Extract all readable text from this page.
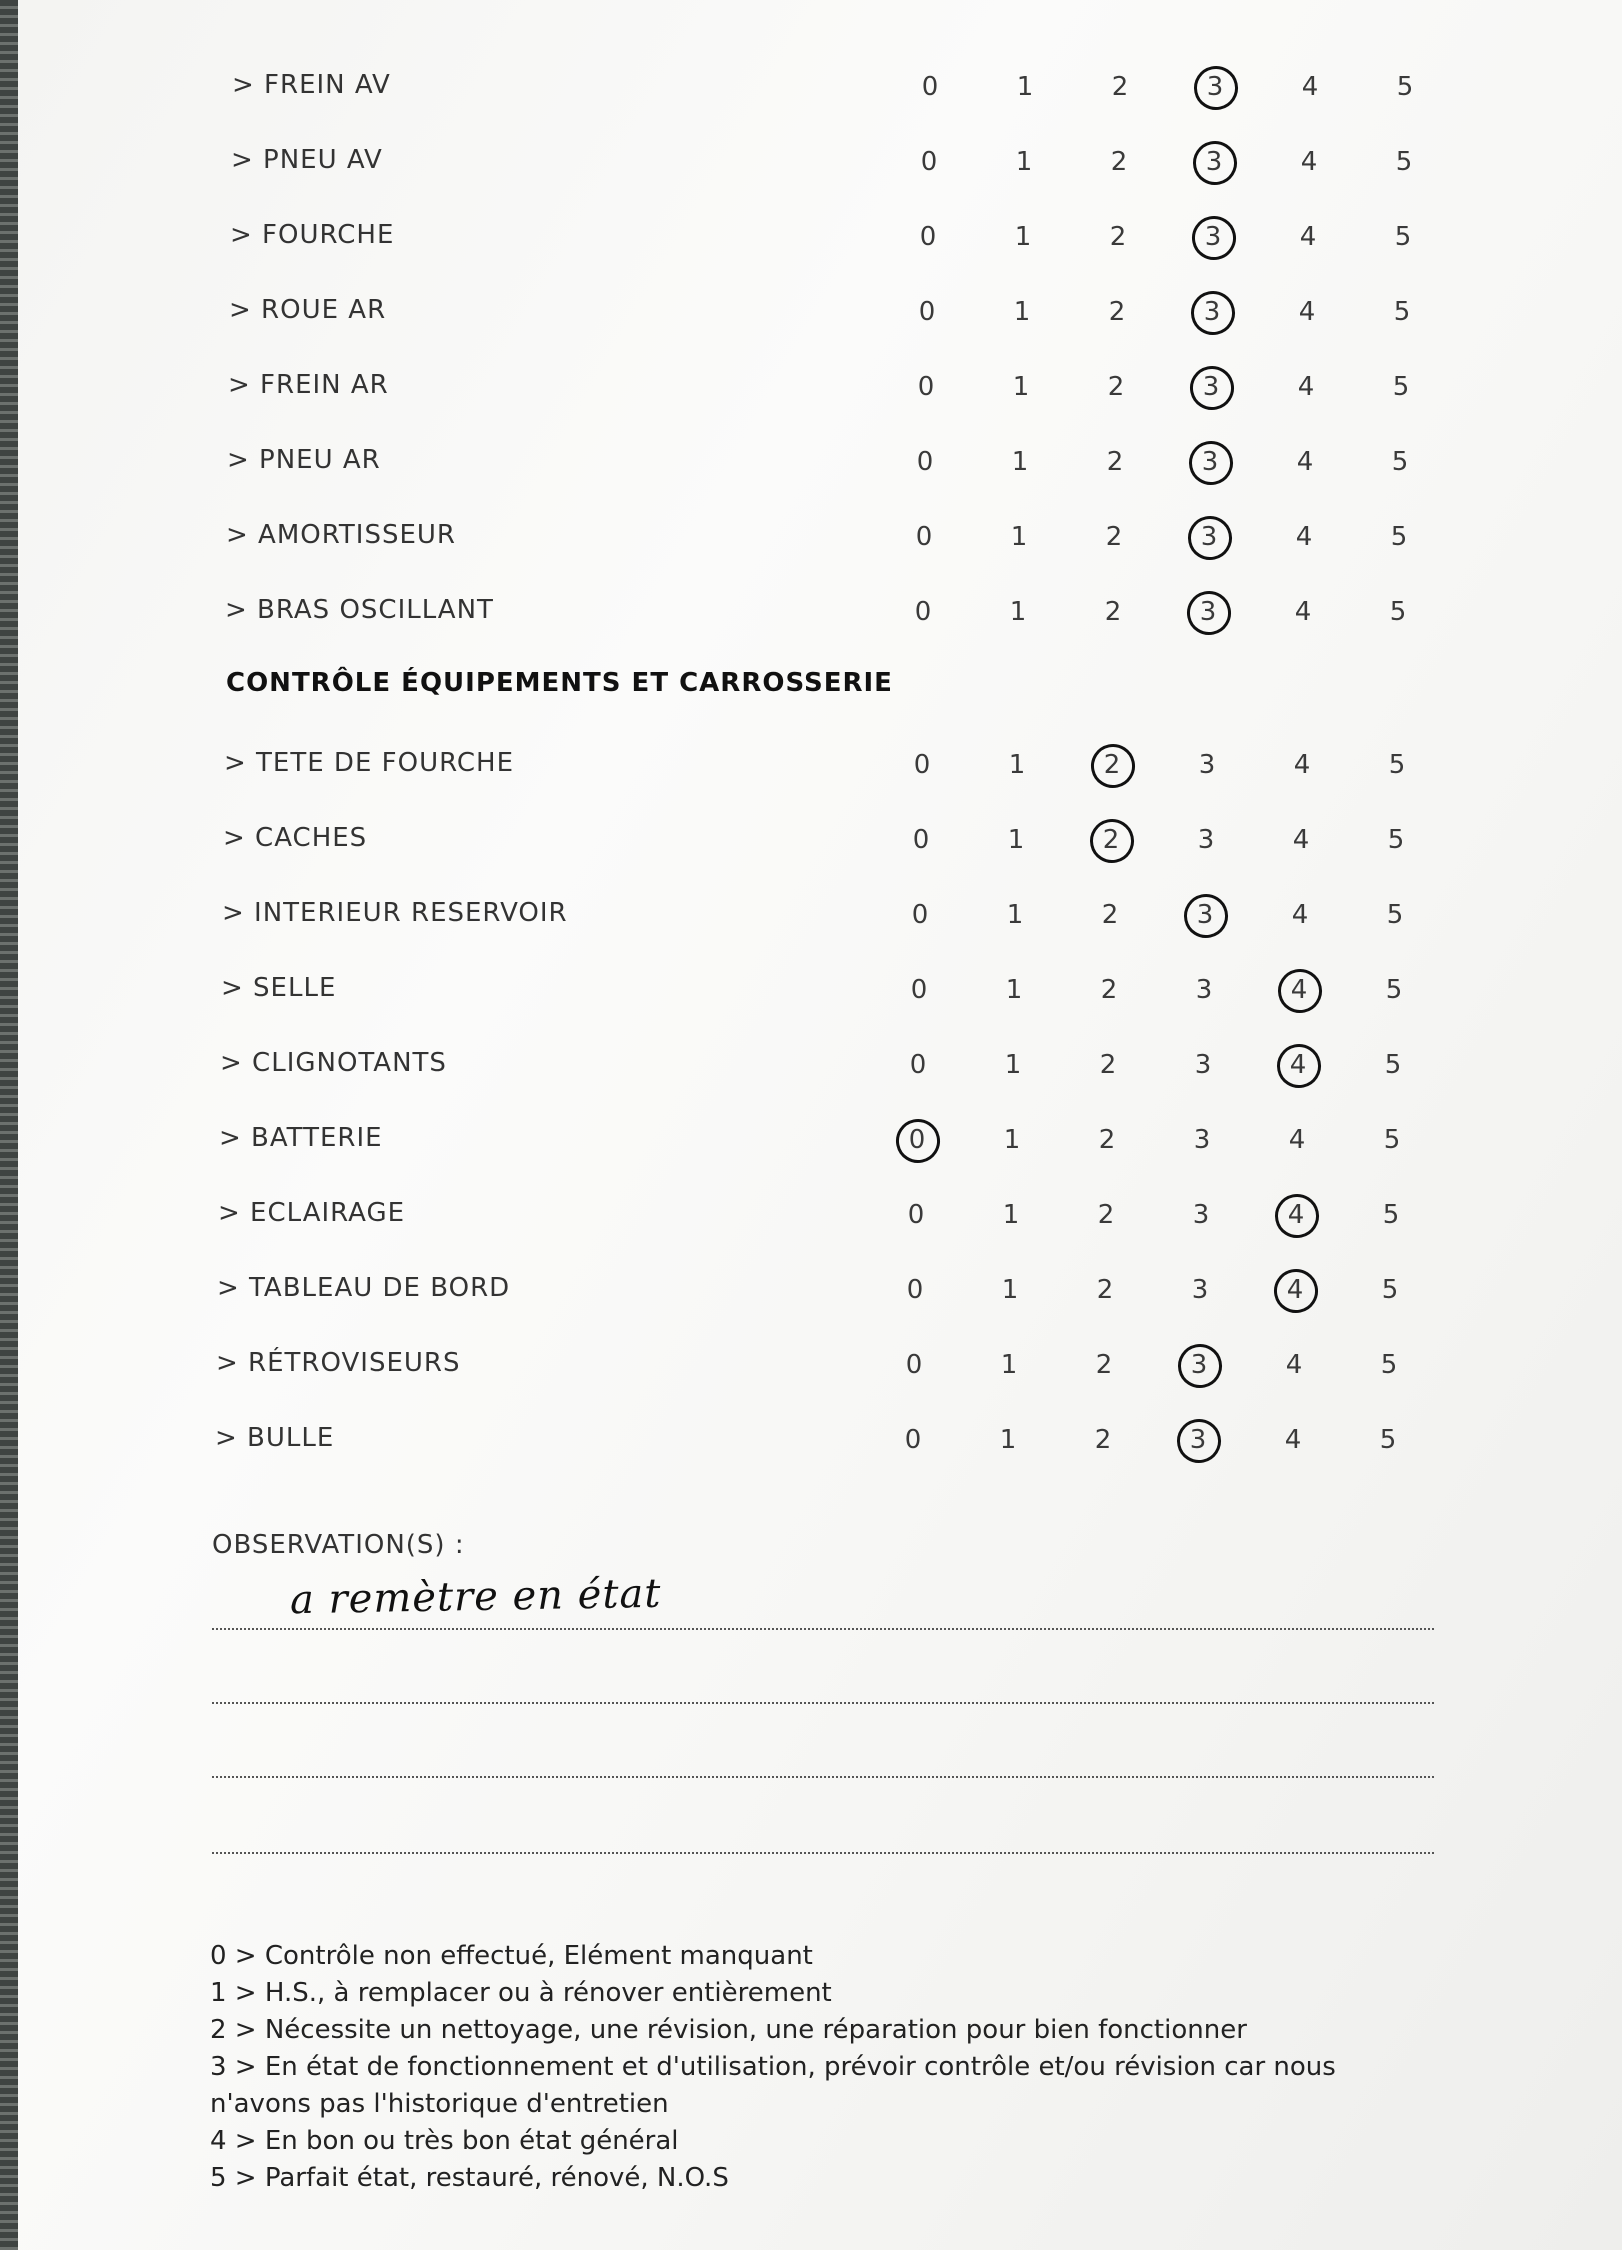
> FREIN AV	0	1	2	3	4	5
> PNEU AV	0	1	2	3	4	5
> FOURCHE	0	1	2	3	4	5
> ROUE AR	0	1	2	3	4	5
> FREIN AR	0	1	2	3	4	5
> PNEU AR	0	1	2	3	4	5
> AMORTISSEUR	0	1	2	3	4	5
> BRAS OSCILLANT	0	1	2	3	4	5
CONTRÔLE ÉQUIPEMENTS ET CARROSSERIE
> TETE DE FOURCHE	0	1	2	3	4	5
> CACHES	0	1	2	3	4	5
> INTERIEUR RESERVOIR	0	1	2	3	4	5
> SELLE	0	1	2	3	4	5
> CLIGNOTANTS	0	1	2	3	4	5
> BATTERIE	0	1	2	3	4	5
> ECLAIRAGE	0	1	2	3	4	5
> TABLEAU DE BORD	0	1	2	3	4	5
> RÉTROVISEURS	0	1	2	3	4	5
> BULLE	0	1	2	3	4	5
OBSERVATION(S) :
a remètre en état

0 > Contrôle non effectué, Elément manquant

1 > H.S., à remplacer ou à rénover entièrement

2 > Nécessite un nettoyage, une révision, une réparation pour bien fonctionner

3 > En état de fonctionnement et d'utilisation, prévoir contrôle et/ou révision car nous

n'avons pas l'historique d'entretien

4 > En bon ou très bon état général

5 > Parfait état, restauré, rénové, N.O.S
